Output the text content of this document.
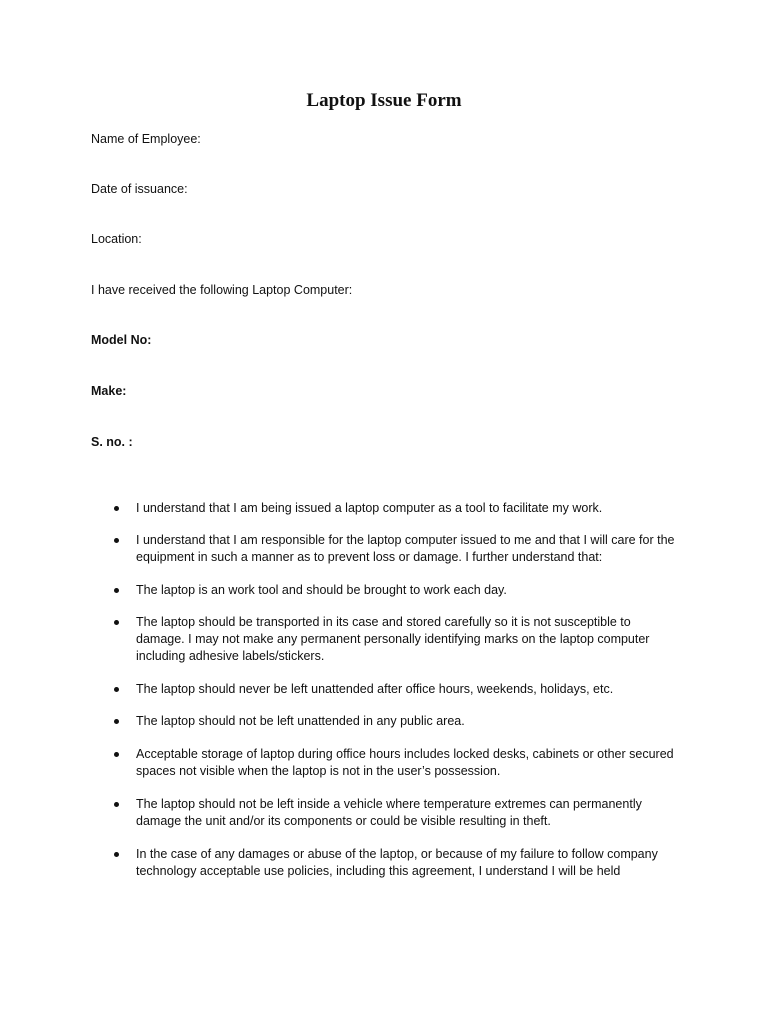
Laptop Issue Form
Name of Employee:
Date of issuance:
Location:
I have received the following Laptop Computer:
Model No:
Make:
S. no. :
I understand that I am being issued a laptop computer as a tool to facilitate my work.
I understand that I am responsible for the laptop computer issued to me and that I will care for the equipment in such a manner as to prevent loss or damage. I further understand that:
The laptop is an work tool and should be brought to work each day.
The laptop should be transported in its case and stored carefully so it is not susceptible to damage. I may not make any permanent personally identifying marks on the laptop computer including adhesive labels/stickers.
The laptop should never be left unattended after office hours, weekends, holidays, etc.
The laptop should not be left unattended in any public area.
Acceptable storage of laptop during office hours includes locked desks, cabinets or other secured spaces not visible when the laptop is not in the user’s possession.
The laptop should not be left inside a vehicle where temperature extremes can permanently damage the unit and/or its components or could be visible resulting in theft.
In the case of any damages or abuse of the laptop, or because of my failure to follow company technology acceptable use policies, including this agreement, I understand I will be held
